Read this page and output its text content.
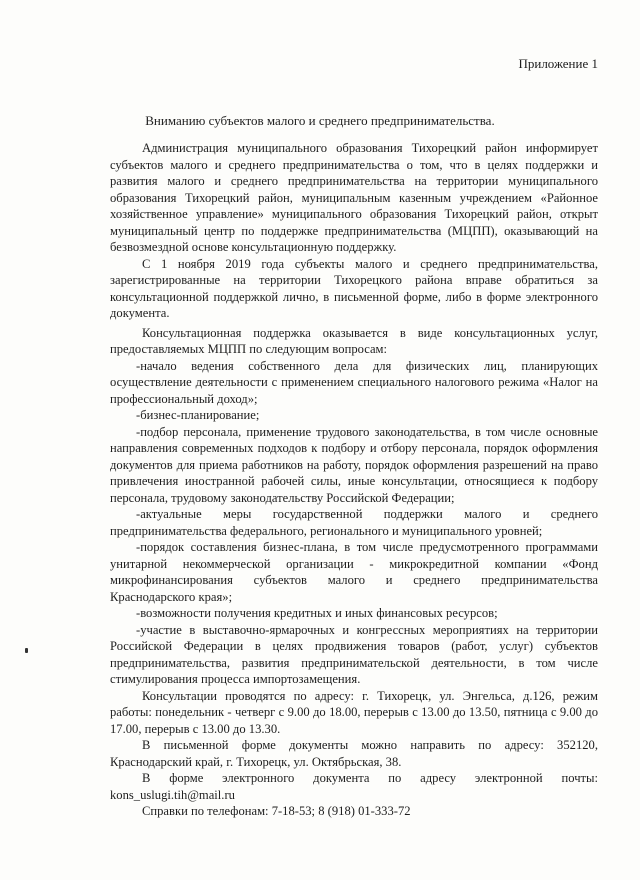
Приложение 1
Вниманию субъектов малого и среднего предпринимательства.

Администрация муниципального образования Тихорецкий район информирует субъектов малого и среднего предпринимательства о том, что в целях поддержки и развития малого и среднего предпринимательства на территории муниципального образования Тихорецкий район, муниципальным казенным учреждением «Районное хозяйственное управление» муниципального образования Тихорецкий район, открыт муниципальный центр по поддержке предпринимательства (МЦПП), оказывающий на безвозмездной основе консультационную поддержку.

С 1 ноября 2019 года субъекты малого и среднего предпринимательства, зарегистрированные на территории Тихорецкого района вправе обратиться за консультационной поддержкой лично, в письменной форме, либо в форме электронного документа.

Консультационная поддержка оказывается в виде консультационных услуг, предоставляемых МЦПП по следующим вопросам:

-начало ведения собственного дела для физических лиц, планирующих осуществление деятельности с применением специального налогового режима «Налог на профессиональный доход»;

-бизнес-планирование;

-подбор персонала, применение трудового законодательства, в том числе основные направления современных подходов к подбору и отбору персонала, порядок оформления документов для приема работников на работу, порядок оформления разрешений на право привлечения иностранной рабочей силы, иные консультации, относящиеся к подбору персонала, трудовому законодательству Российской Федерации;

-актуальные меры государственной поддержки малого и среднего предпринимательства федерального, регионального и муниципального уровней;

-порядок составления бизнес-плана, в том числе предусмотренного программами унитарной некоммерческой организации - микрокредитной компании «Фонд микрофинансирования субъектов малого и среднего предпринимательства Краснодарского края»;

-возможности получения кредитных и иных финансовых ресурсов;

-участие в выставочно-ярмарочных и конгрессных мероприятиях на территории Российской Федерации в целях продвижения товаров (работ, услуг) субъектов предпринимательства, развития предпринимательской деятельности, в том числе стимулирования процесса импортозамещения.

Консультации проводятся по адресу: г. Тихорецк, ул. Энгельса, д.126, режим работы: понедельник - четверг с 9.00 до 18.00, перерыв с 13.00 до 13.50, пятница с 9.00 до 17.00, перерыв с 13.00 до 13.30.

В письменной форме документы можно направить по адресу: 352120, Краснодарский край, г. Тихорецк, ул. Октябрьская, 38.

В форме электронного документа по адресу электронной почты: kons_uslugi.tih@mail.ru

Справки по телефонам: 7-18-53; 8 (918) 01-333-72
